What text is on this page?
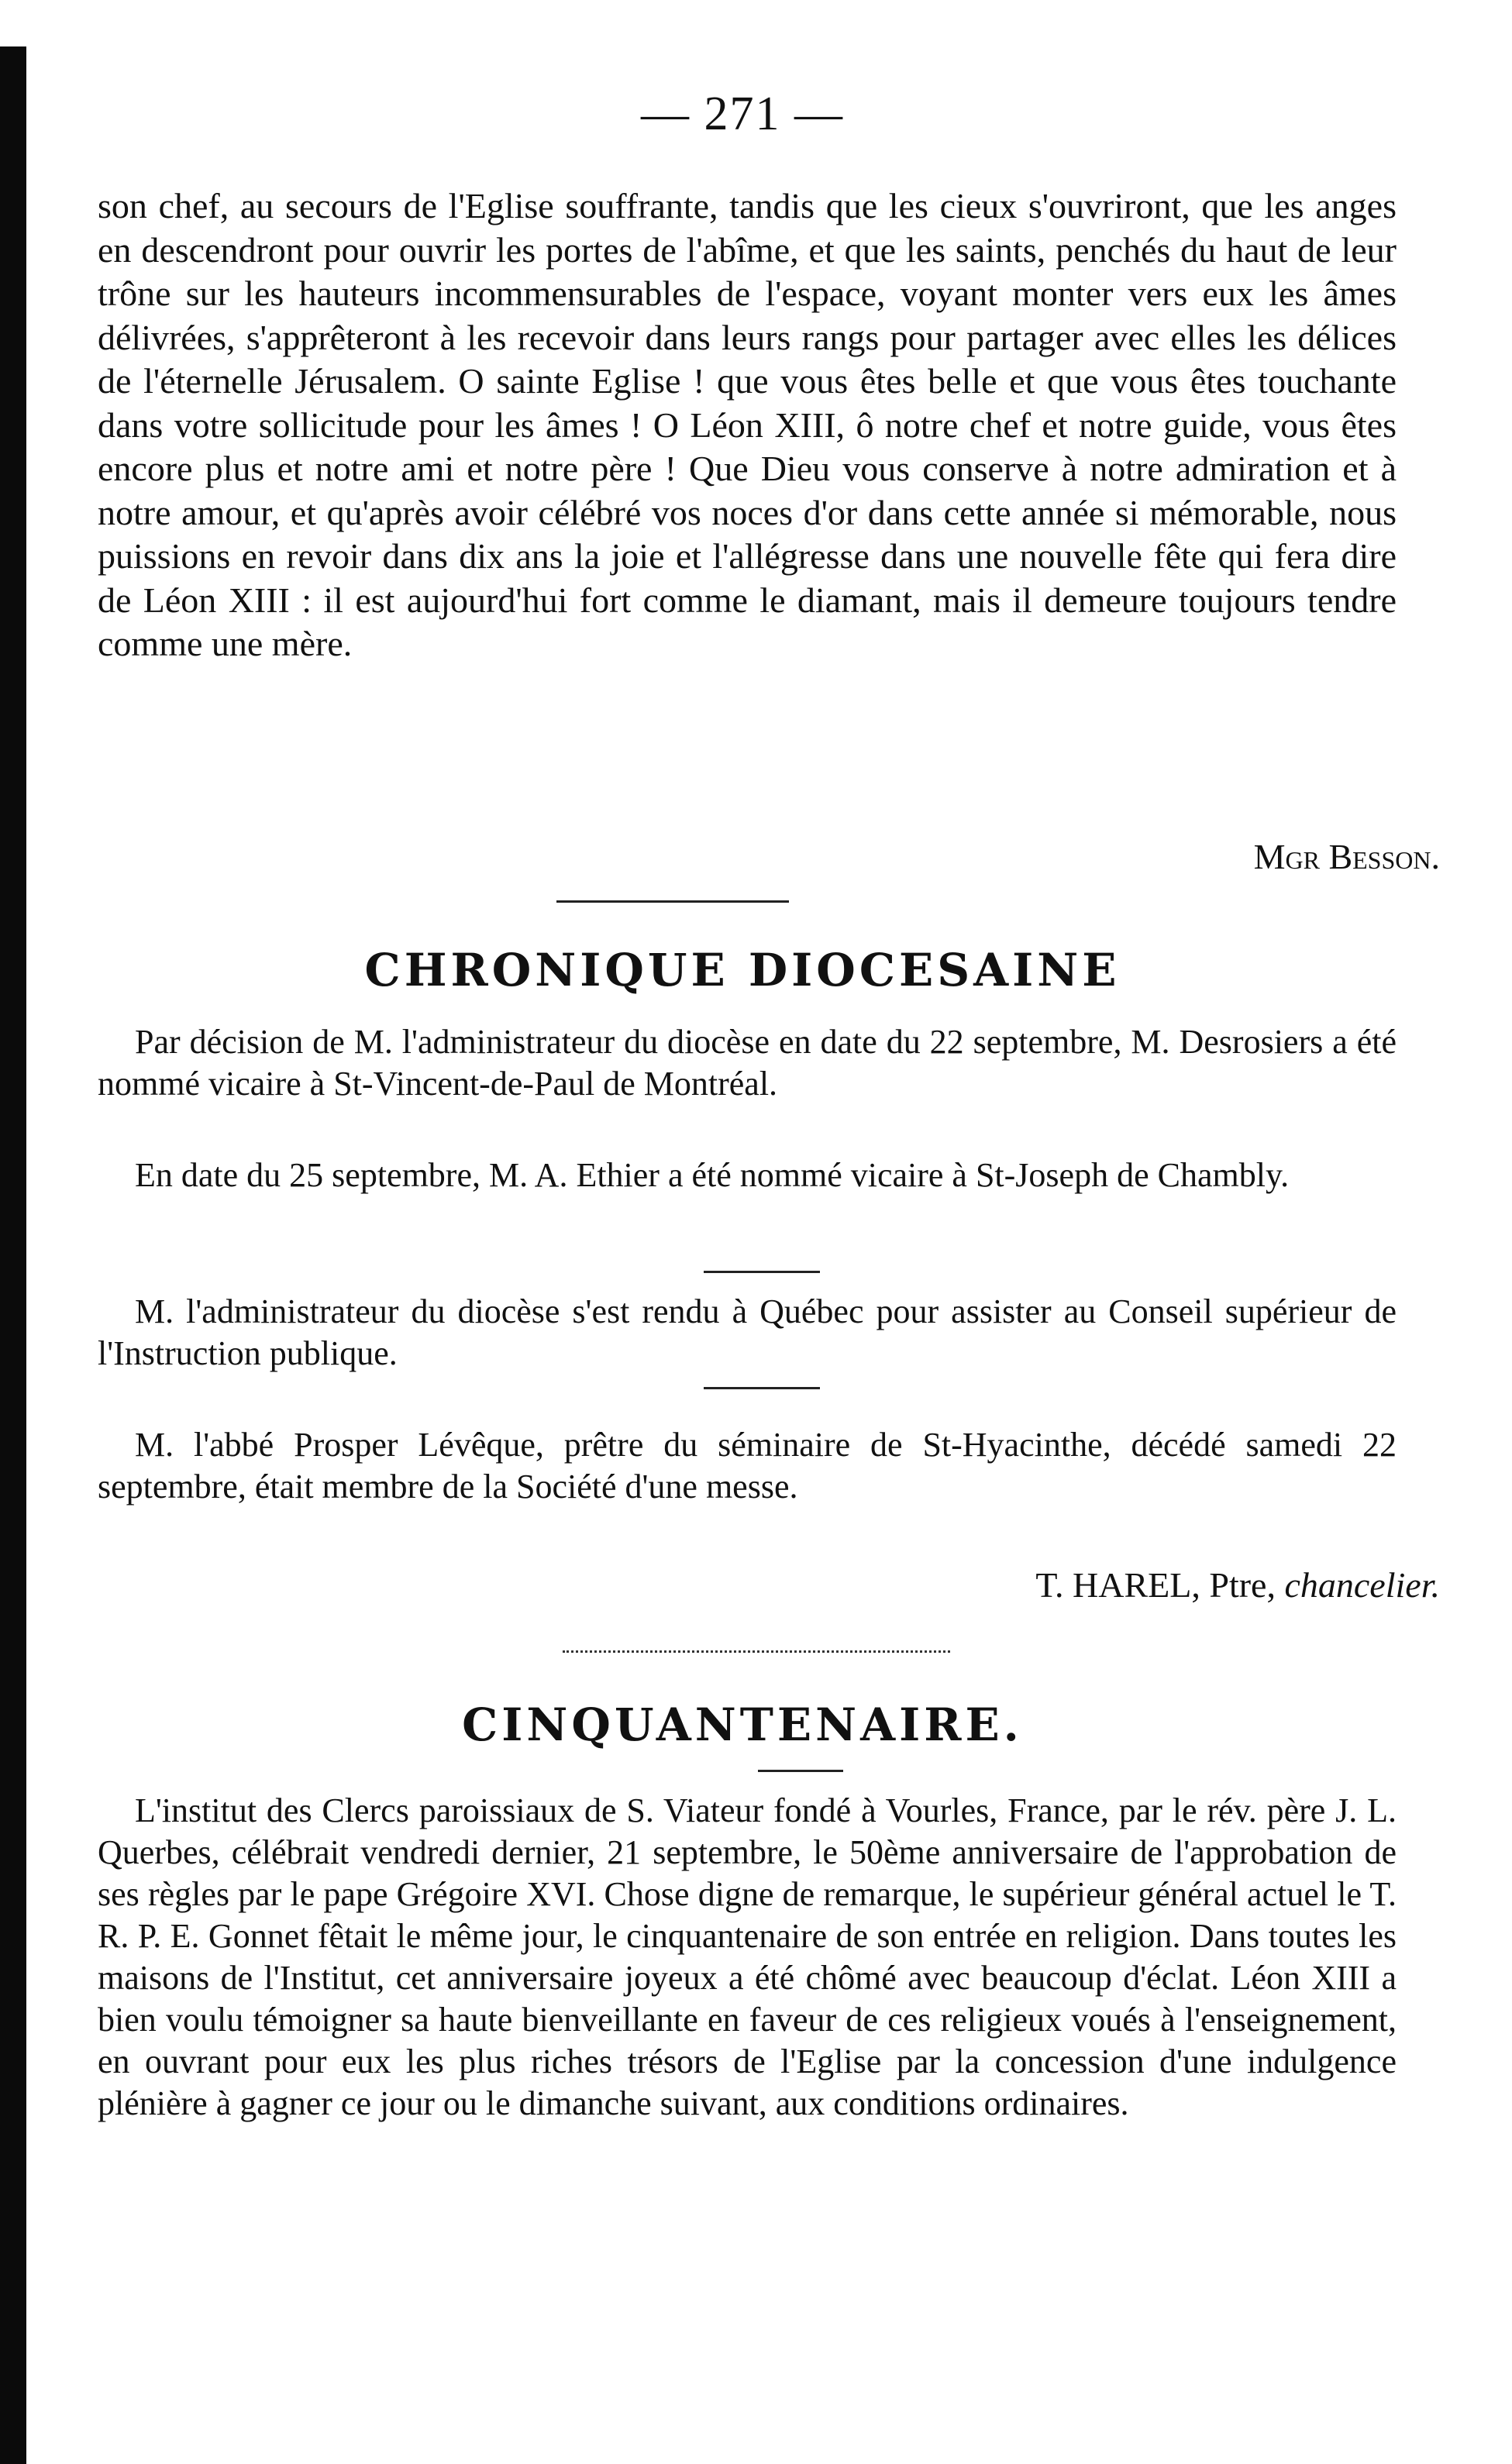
— 271 —

son chef, au secours de l'Eglise souffrante, tandis que les cieux s'ouvriront, que les anges en descendront pour ouvrir les portes de l'abîme, et que les saints, penchés du haut de leur trône sur les hauteurs incommensurables de l'espace, voyant monter vers eux les âmes délivrées, s'apprêteront à les recevoir dans leurs rangs pour partager avec elles les délices de l'éternelle Jérusalem. O sainte Eglise ! que vous êtes belle et que vous êtes touchante dans votre sollicitude pour les âmes ! O Léon XIII, ô notre chef et notre guide, vous êtes encore plus et notre ami et notre père ! Que Dieu vous conserve à notre admiration et à notre amour, et qu'après avoir célébré vos noces d'or dans cette année si mémorable, nous puissions en revoir dans dix ans la joie et l'allégresse dans une nouvelle fête qui fera dire de Léon XIII : il est aujourd'hui fort comme le diamant, mais il demeure toujours tendre comme une mère.

Mgr Besson.

CHRONIQUE DIOCESAINE

Par décision de M. l'administrateur du diocèse en date du 22 septembre, M. Desrosiers a été nommé vicaire à St-Vincent-de-Paul de Montréal.

En date du 25 septembre, M. A. Ethier a été nommé vicaire à St-Joseph de Chambly.

M. l'administrateur du diocèse s'est rendu à Québec pour assister au Conseil supérieur de l'Instruction publique.

M. l'abbé Prosper Lévêque, prêtre du séminaire de St-Hyacinthe, décédé samedi 22 septembre, était membre de la Société d'une messe.

T. HAREL, Ptre, chancelier.

CINQUANTENAIRE.

L'institut des Clercs paroissiaux de S. Viateur fondé à Vourles, France, par le rév. père J. L. Querbes, célébrait vendredi dernier, 21 septembre, le 50ème anniversaire de l'approbation de ses règles par le pape Grégoire XVI. Chose digne de remarque, le supérieur général actuel le T. R. P. E. Gonnet fêtait le même jour, le cinquantenaire de son entrée en religion. Dans toutes les maisons de l'Institut, cet anniversaire joyeux a été chômé avec beaucoup d'éclat. Léon XIII a bien voulu témoigner sa haute bienveillante en faveur de ces religieux voués à l'enseignement, en ouvrant pour eux les plus riches trésors de l'Eglise par la concession d'une indulgence plénière à gagner ce jour ou le dimanche suivant, aux conditions ordinaires.
